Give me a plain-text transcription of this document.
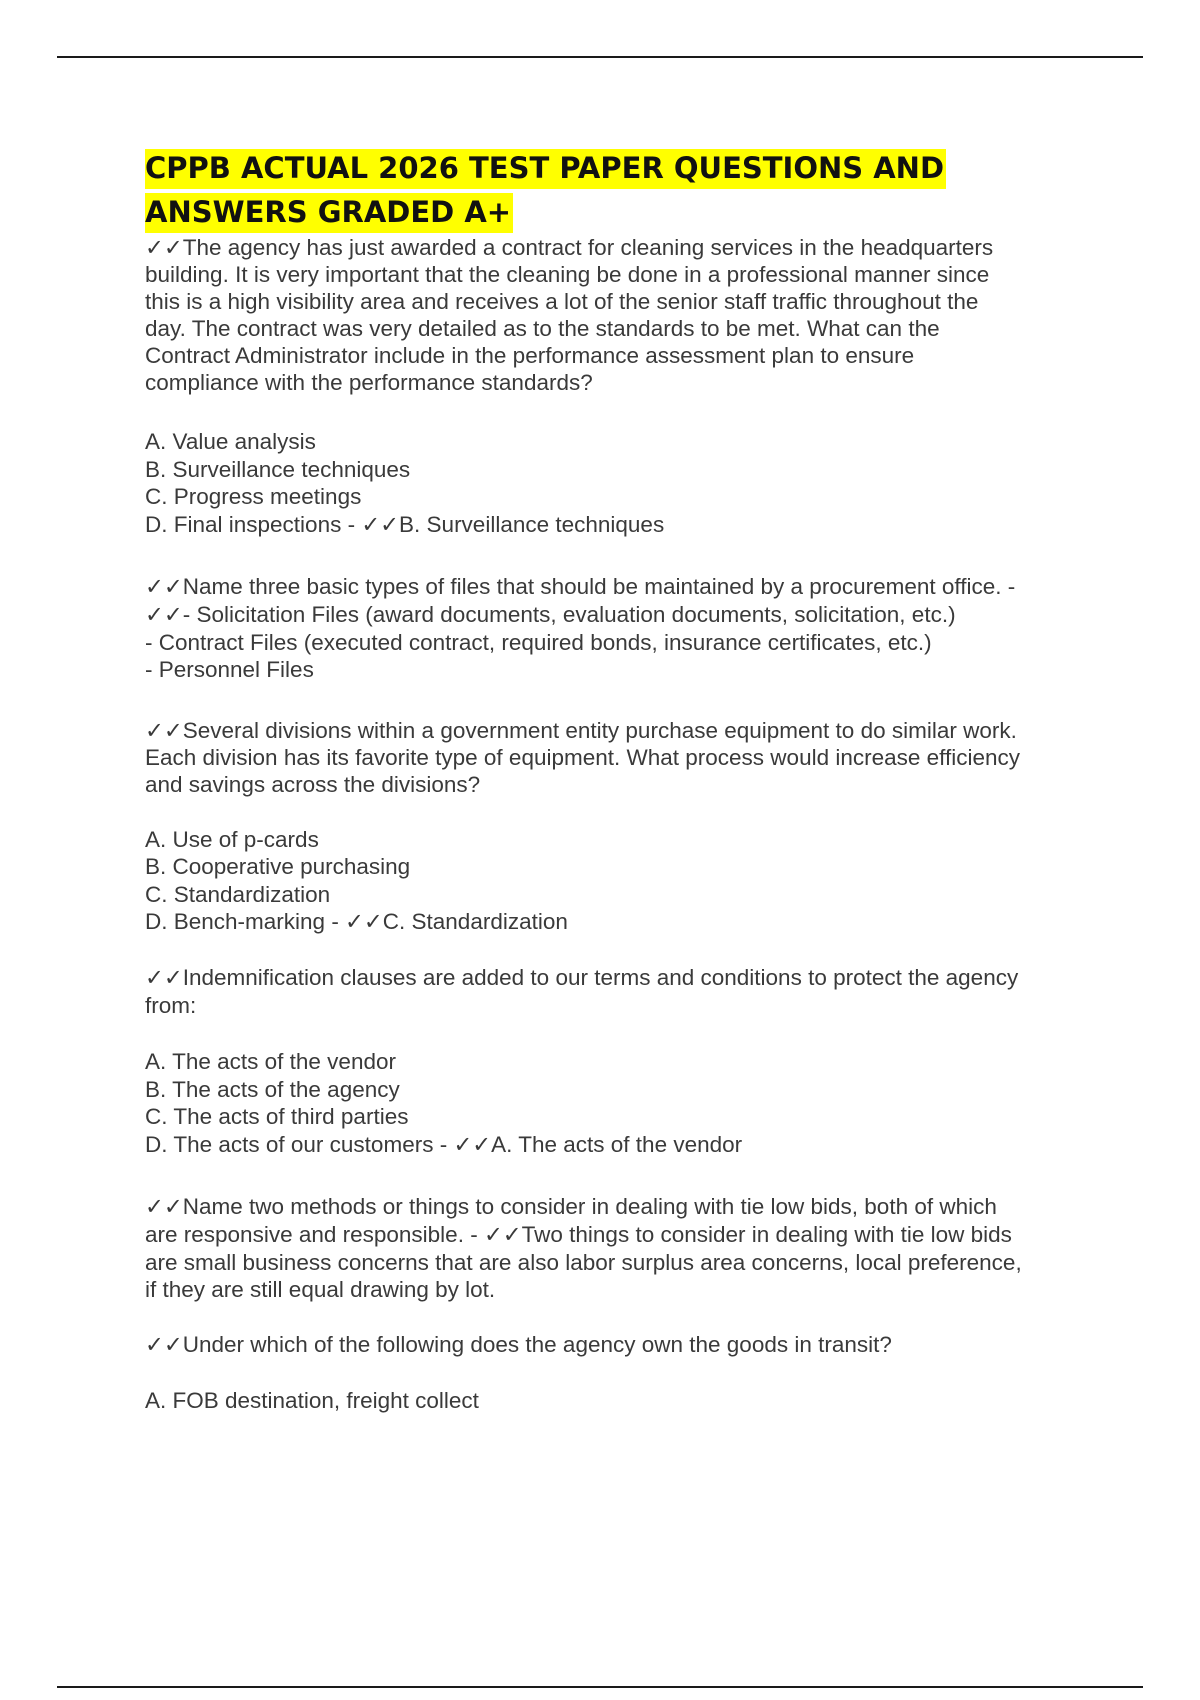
CPPB ACTUAL 2026 TEST PAPER QUESTIONS AND
ANSWERS GRADED A+
✓✓The agency has just awarded a contract for cleaning services in the headquarters
building. It is very important that the cleaning be done in a professional manner since
this is a high visibility area and receives a lot of the senior staff traffic throughout the
day. The contract was very detailed as to the standards to be met. What can the
Contract Administrator include in the performance assessment plan to ensure
compliance with the performance standards?
A. Value analysis
B. Surveillance techniques
C. Progress meetings
D. Final inspections - ✓✓B. Surveillance techniques
✓✓Name three basic types of files that should be maintained by a procurement office. -
✓✓- Solicitation Files (award documents, evaluation documents, solicitation, etc.)
- Contract Files (executed contract, required bonds, insurance certificates, etc.)
- Personnel Files
✓✓Several divisions within a government entity purchase equipment to do similar work.
Each division has its favorite type of equipment. What process would increase efficiency
and savings across the divisions?
A. Use of p-cards
B. Cooperative purchasing
C. Standardization
D. Bench-marking - ✓✓C. Standardization
✓✓Indemnification clauses are added to our terms and conditions to protect the agency
from:
A. The acts of the vendor
B. The acts of the agency
C. The acts of third parties
D. The acts of our customers - ✓✓A. The acts of the vendor
✓✓Name two methods or things to consider in dealing with tie low bids, both of which
are responsive and responsible. - ✓✓Two things to consider in dealing with tie low bids
are small business concerns that are also labor surplus area concerns, local preference,
if they are still equal drawing by lot.
✓✓Under which of the following does the agency own the goods in transit?
A. FOB destination, freight collect
